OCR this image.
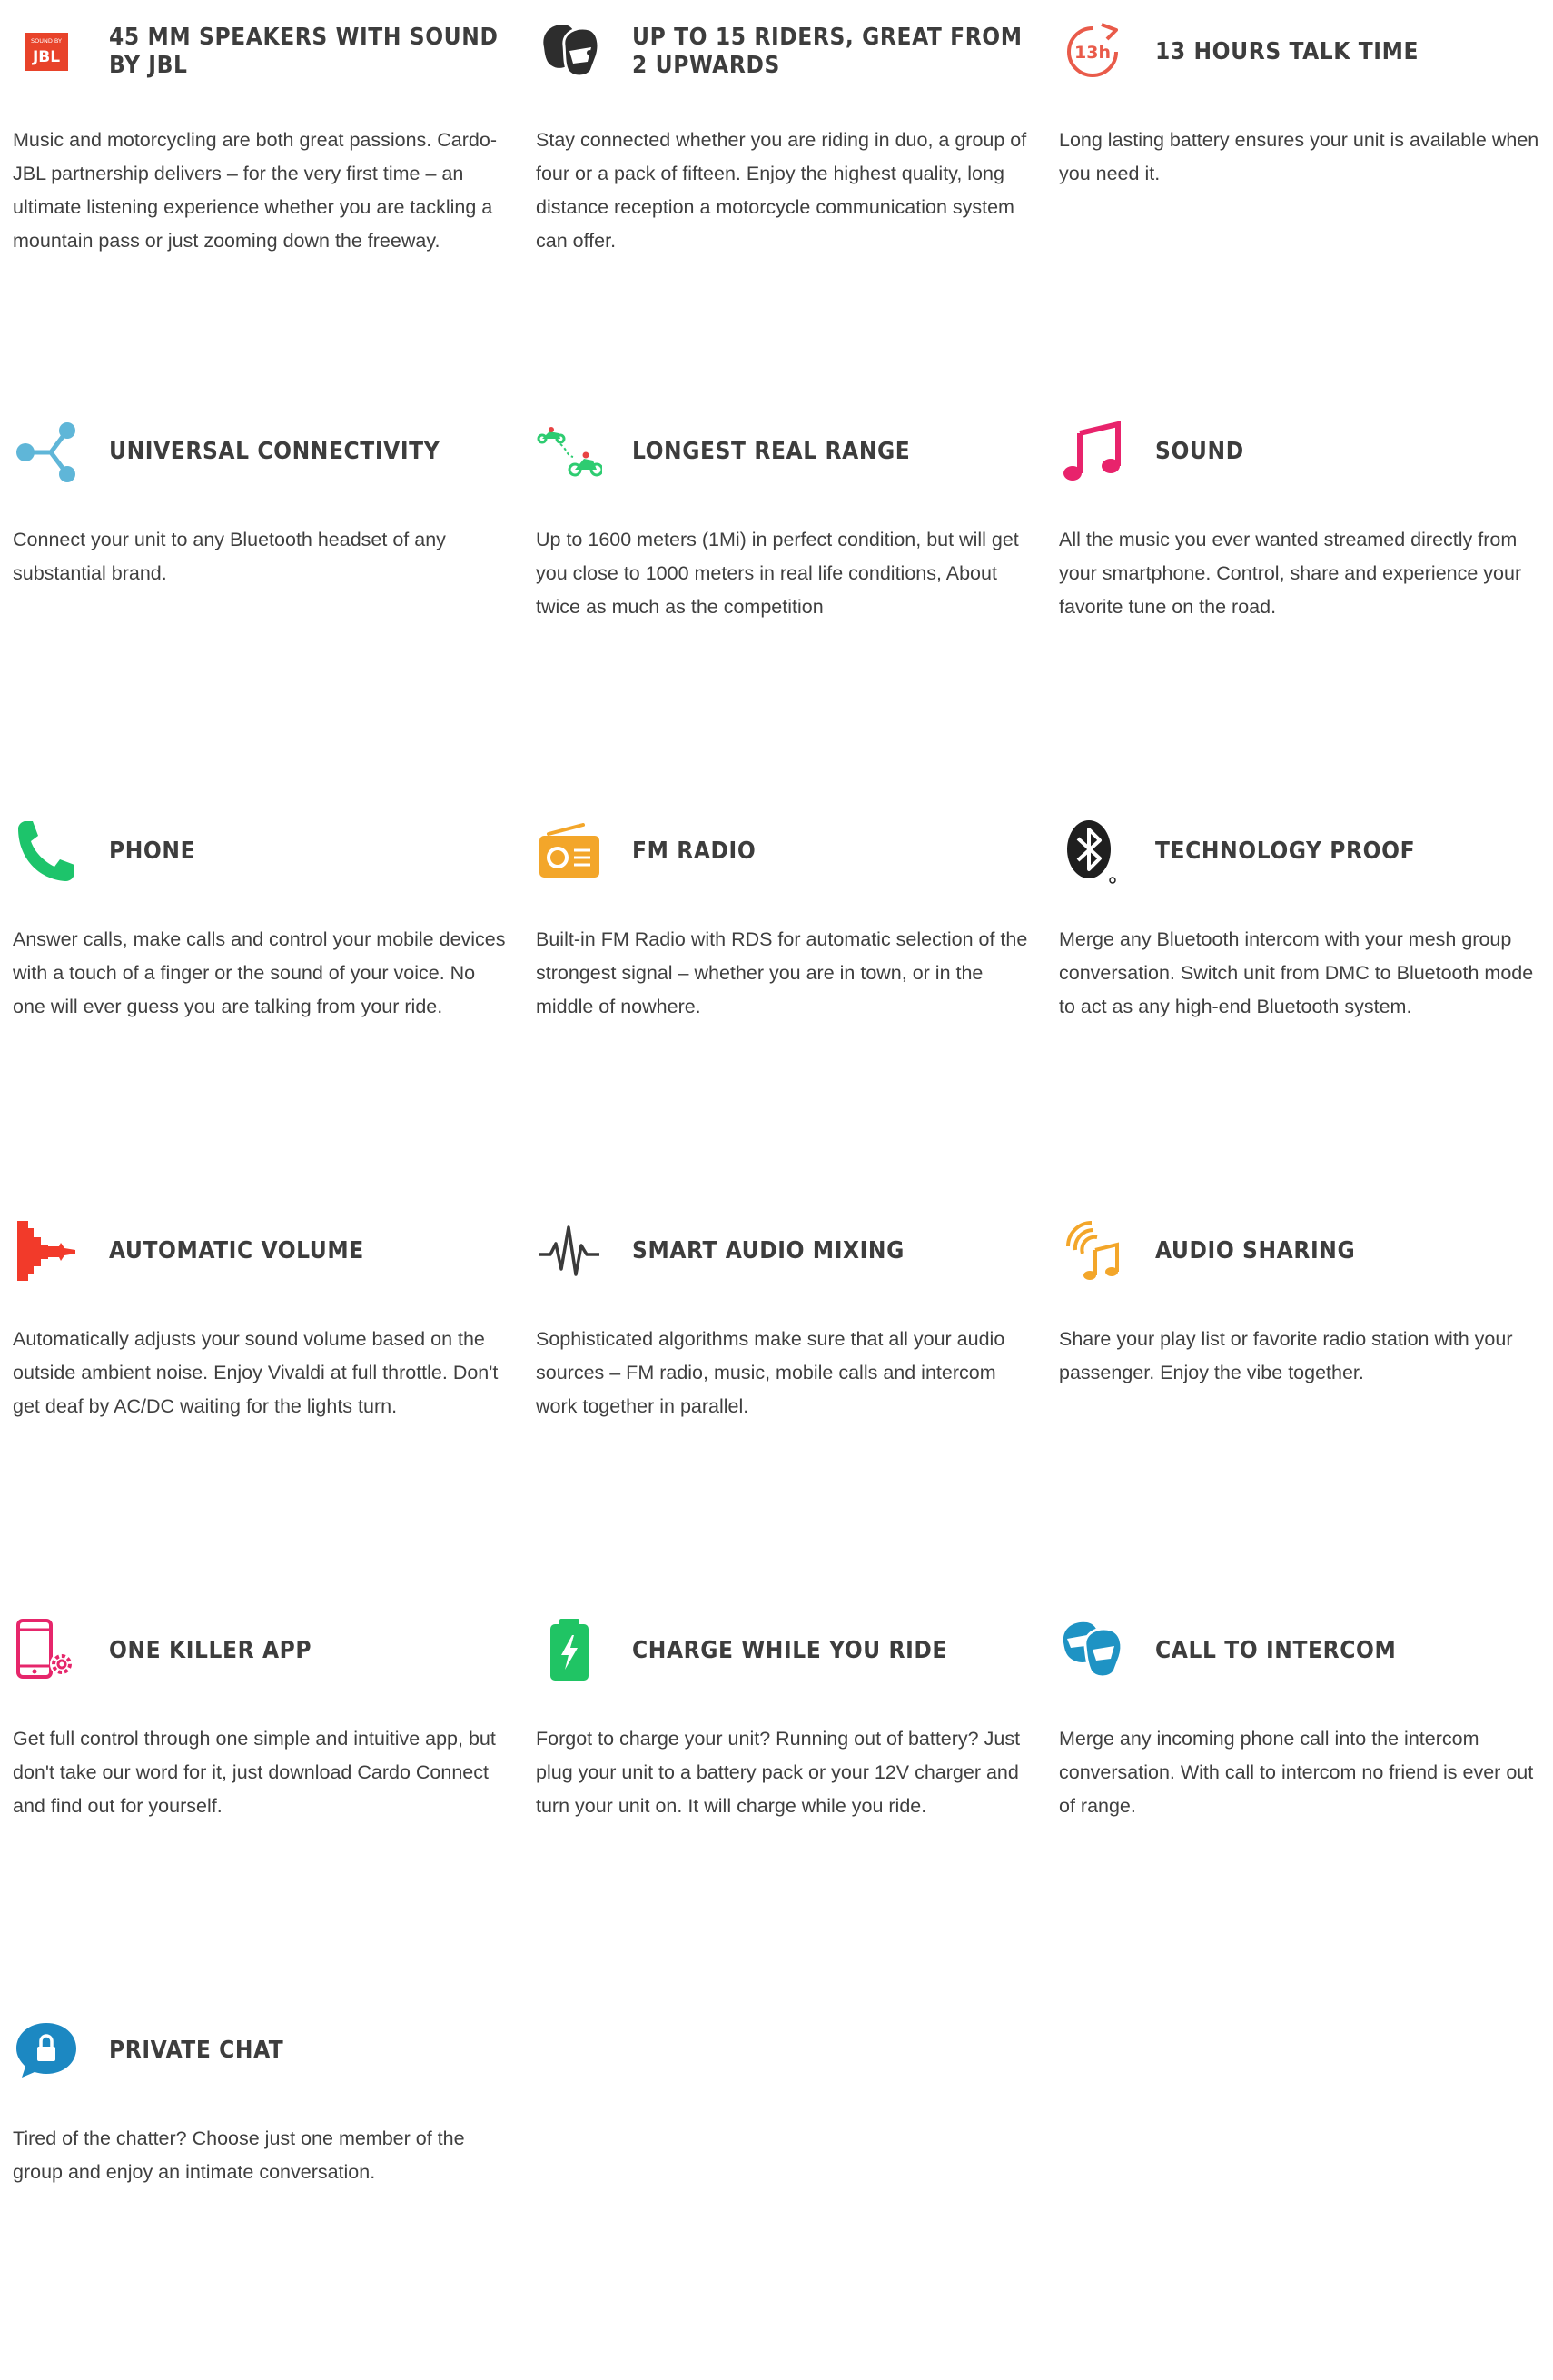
SOUND BY
JBL
45 MM SPEAKERS WITH SOUND BY JBL

Music and motorcycling are both great passions. Cardo-JBL partnership delivers – for the very first time – an ultimate listening experience whether you are tackling a mountain pass or just zooming down the freeway.

UP TO 15 RIDERS, GREAT FROM 2 UPWARDS

Stay connected whether you are riding in duo, a group of four or a pack of fifteen. Enjoy the highest quality, long distance reception a motorcycle communication system can offer.

13h 13 HOURS TALK TIME

Long lasting battery ensures your unit is available when you need it.

UNIVERSAL CONNECTIVITY

Connect your unit to any Bluetooth headset of any substantial brand.

LONGEST REAL RANGE

Up to 1600 meters (1Mi) in perfect condition, but will get you close to 1000 meters in real life conditions, About twice as much as the competition

SOUND

All the music you ever wanted streamed directly from your smartphone. Control, share and experience your favorite tune on the road.

PHONE

Answer calls, make calls and control your mobile devices with a touch of a finger or the sound of your voice. No one will ever guess you are talking from your ride.

FM RADIO

Built-in FM Radio with RDS for automatic selection of the strongest signal – whether you are in town, or in the middle of nowhere.

TECHNOLOGY PROOF

Merge any Bluetooth intercom with your mesh group conversation. Switch unit from DMC to Bluetooth mode to act as any high-end Bluetooth system.

AUTOMATIC VOLUME

Automatically adjusts your sound volume based on the outside ambient noise. Enjoy Vivaldi at full throttle. Don't get deaf by AC/DC waiting for the lights turn.

SMART AUDIO MIXING

Sophisticated algorithms make sure that all your audio sources – FM radio, music, mobile calls and intercom work together in parallel.

AUDIO SHARING

Share your play list or favorite radio station with your passenger. Enjoy the vibe together.

ONE KILLER APP

Get full control through one simple and intuitive app, but don't take our word for it, just download Cardo Connect and find out for yourself.

CHARGE WHILE YOU RIDE

Forgot to charge your unit? Running out of battery? Just plug your unit to a battery pack or your 12V charger and turn your unit on. It will charge while you ride.

CALL TO INTERCOM

Merge any incoming phone call into the intercom conversation. With call to intercom no friend is ever out of range.

PRIVATE CHAT

Tired of the chatter? Choose just one member of the group and enjoy an intimate conversation.
